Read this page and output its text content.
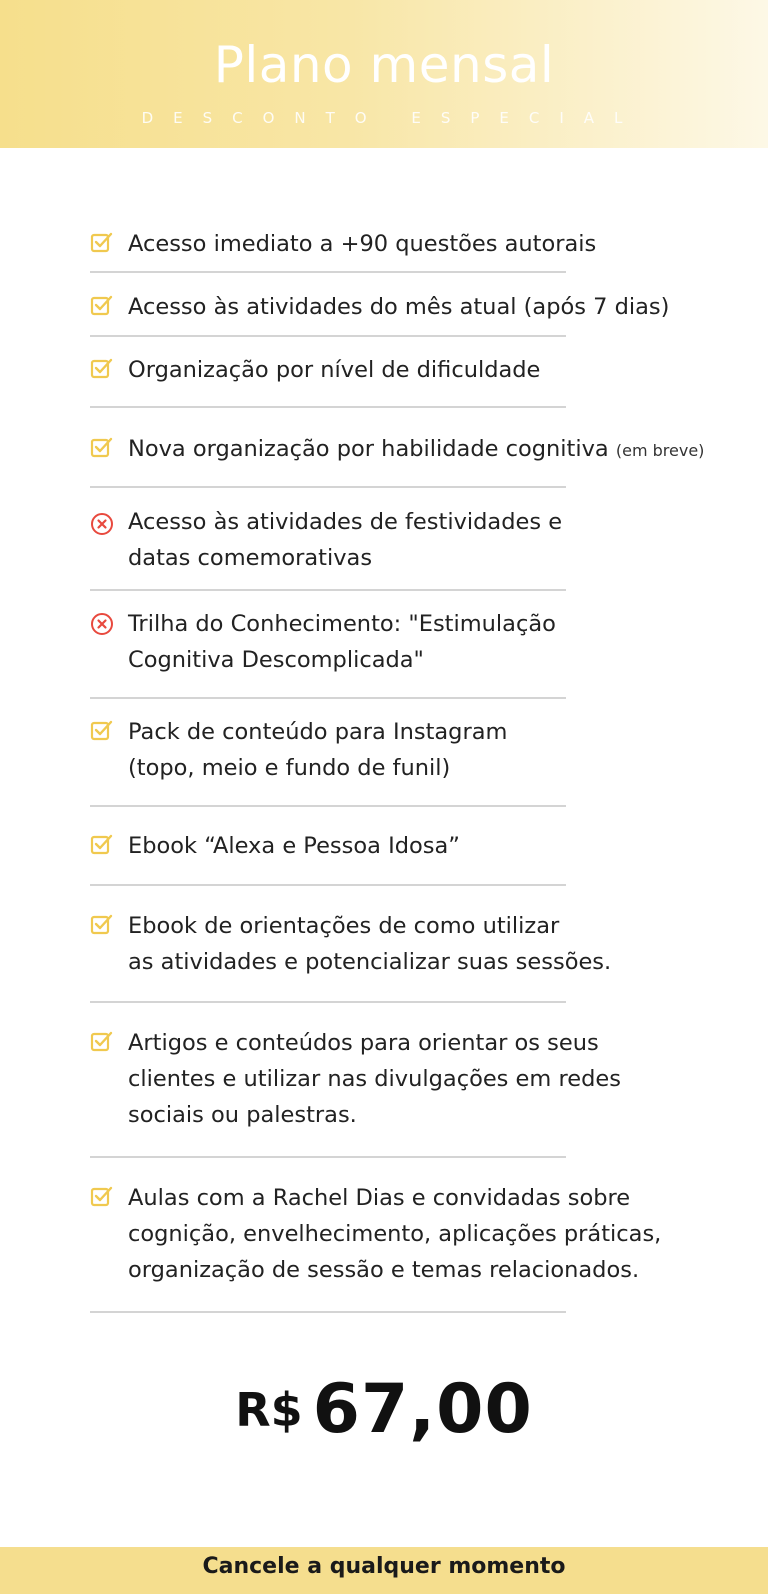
Plano mensal
DESCONTO ESPECIAL
Acesso imediato a +90 questões autorais
Acesso às atividades do mês atual (após 7 dias)
Organização por nível de dificuldade
Nova organização por habilidade cognitiva (em breve)
Acesso às atividades de festividades e
datas comemorativas
Trilha do Conhecimento: "Estimulação
Cognitiva Descomplicada"
Pack de conteúdo para Instagram
(topo, meio e fundo de funil)
Ebook “Alexa e Pessoa Idosa”
Ebook de orientações de como utilizar
as atividades e potencializar suas sessões.
Artigos e conteúdos para orientar os seus
clientes e utilizar nas divulgações em redes
sociais ou palestras.
Aulas com a Rachel Dias e convidadas sobre
cognição, envelhecimento, aplicações práticas,
organização de sessão e temas relacionados.
R$ 67,00
Cancele a qualquer momento
